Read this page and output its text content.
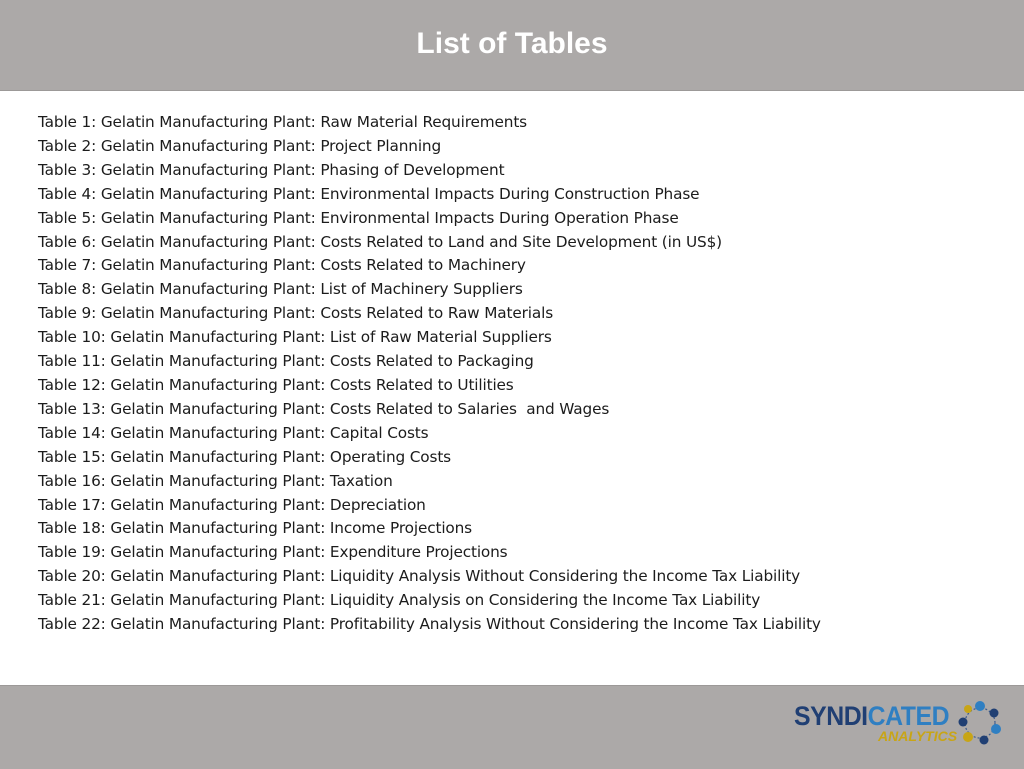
List of Tables
Table 1: Gelatin Manufacturing Plant: Raw Material Requirements
Table 2: Gelatin Manufacturing Plant: Project Planning
Table 3: Gelatin Manufacturing Plant: Phasing of Development
Table 4: Gelatin Manufacturing Plant: Environmental Impacts During Construction Phase
Table 5: Gelatin Manufacturing Plant: Environmental Impacts During Operation Phase
Table 6: Gelatin Manufacturing Plant: Costs Related to Land and Site Development (in US$)
Table 7: Gelatin Manufacturing Plant: Costs Related to Machinery
Table 8: Gelatin Manufacturing Plant: List of Machinery Suppliers
Table 9: Gelatin Manufacturing Plant: Costs Related to Raw Materials
Table 10: Gelatin Manufacturing Plant: List of Raw Material Suppliers
Table 11: Gelatin Manufacturing Plant: Costs Related to Packaging
Table 12: Gelatin Manufacturing Plant: Costs Related to Utilities
Table 13: Gelatin Manufacturing Plant: Costs Related to Salaries  and Wages
Table 14: Gelatin Manufacturing Plant: Capital Costs
Table 15: Gelatin Manufacturing Plant: Operating Costs
Table 16: Gelatin Manufacturing Plant: Taxation
Table 17: Gelatin Manufacturing Plant: Depreciation
Table 18: Gelatin Manufacturing Plant: Income Projections
Table 19: Gelatin Manufacturing Plant: Expenditure Projections
Table 20: Gelatin Manufacturing Plant: Liquidity Analysis Without Considering the Income Tax Liability
Table 21: Gelatin Manufacturing Plant: Liquidity Analysis on Considering the Income Tax Liability
Table 22: Gelatin Manufacturing Plant: Profitability Analysis Without Considering the Income Tax Liability
SYNDICATED
ANALYTICS
